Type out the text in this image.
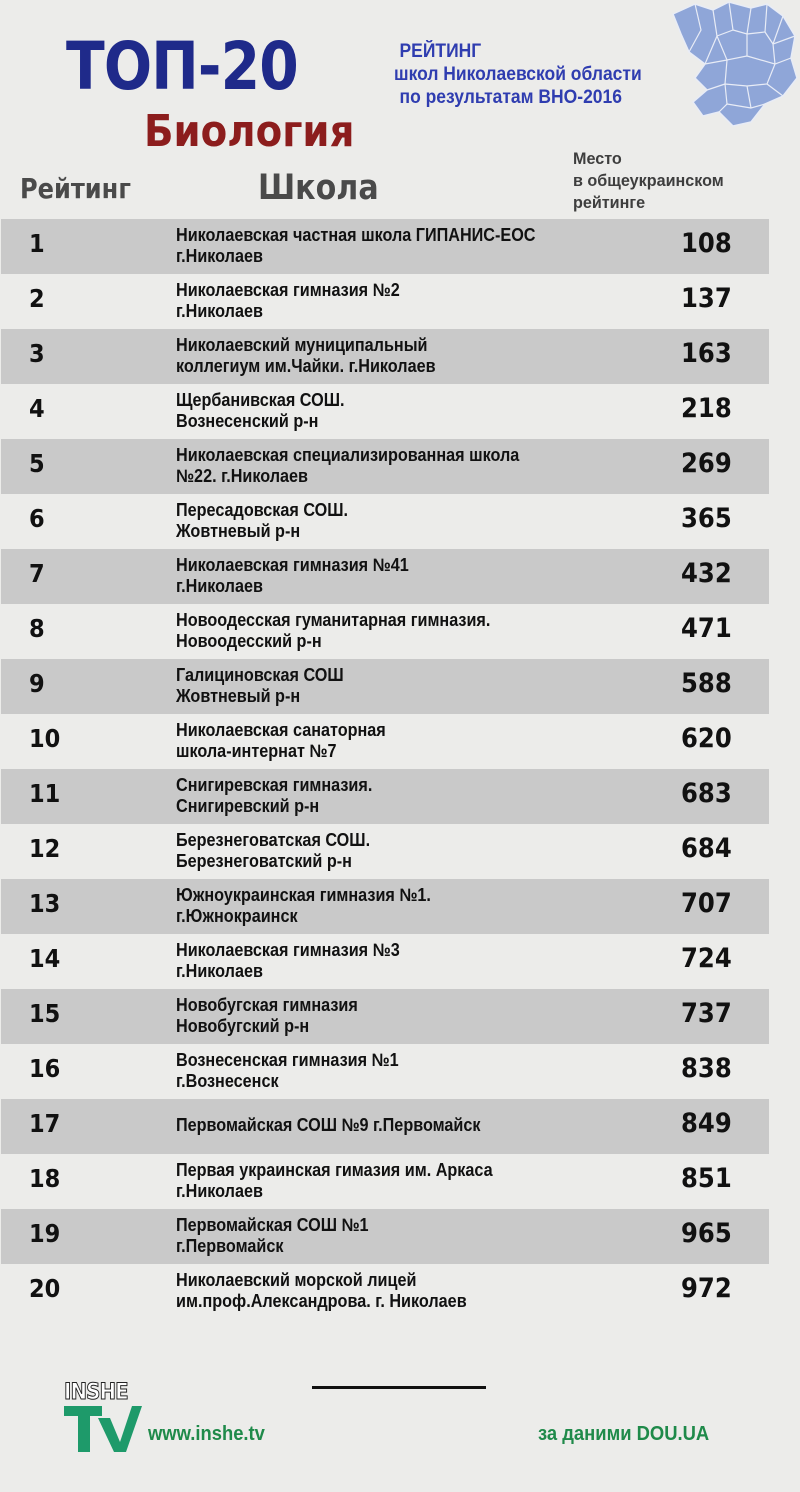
ТОП-20
Биология
РЕЙТИНГ
школ Николаевской области
по результатам ВНО-2016
Рейтинг	Школа
Место
в общеукраинском
рейтинге
1	Николаевская частная школа ГИПАНИС-ЕОС
г.Николаев	108
2	Николаевская гимназия №2
г.Николаев	137
3	Николаевский муниципальный
коллегиум им.Чайки. г.Николаев	163
4	Щербанивская СОШ.
Вознесенский р-н	218
5	Николаевская специализированная школа
№22. г.Николаев	269
6	Пересадовская СОШ.
Жовтневый р-н	365
7	Николаевская гимназия №41
г.Николаев	432
8	Новоодесская гуманитарная гимназия.
Новоодесский р-н	471
9	Галициновская СОШ
Жовтневый р-н	588
10	Николаевская санаторная
школа-интернат №7	620
11	Снигиревская гимназия.
Снигиревский р-н	683
12	Березнеговатская СОШ.
Березнеговатский р-н	684
13	Южноукраинская гимназия №1.
г.Южнокраинск	707
14	Николаевская гимназия №3
г.Николаев	724
15	Новобугская гимназия
Новобугский р-н	737
16	Вознесенская гимназия №1
г.Вознесенск	838
17	Первомайская СОШ №9 г.Первомайск	849
18	Первая украинская гимазия им. Аркаса
г.Николаев	851
19	Первомайская СОШ №1
г.Первомайск	965
20	Николаевский морской лицей
им.проф.Александрова. г. Николаев	972
INSHE
www.inshe.tv	за даними DOU.UA
